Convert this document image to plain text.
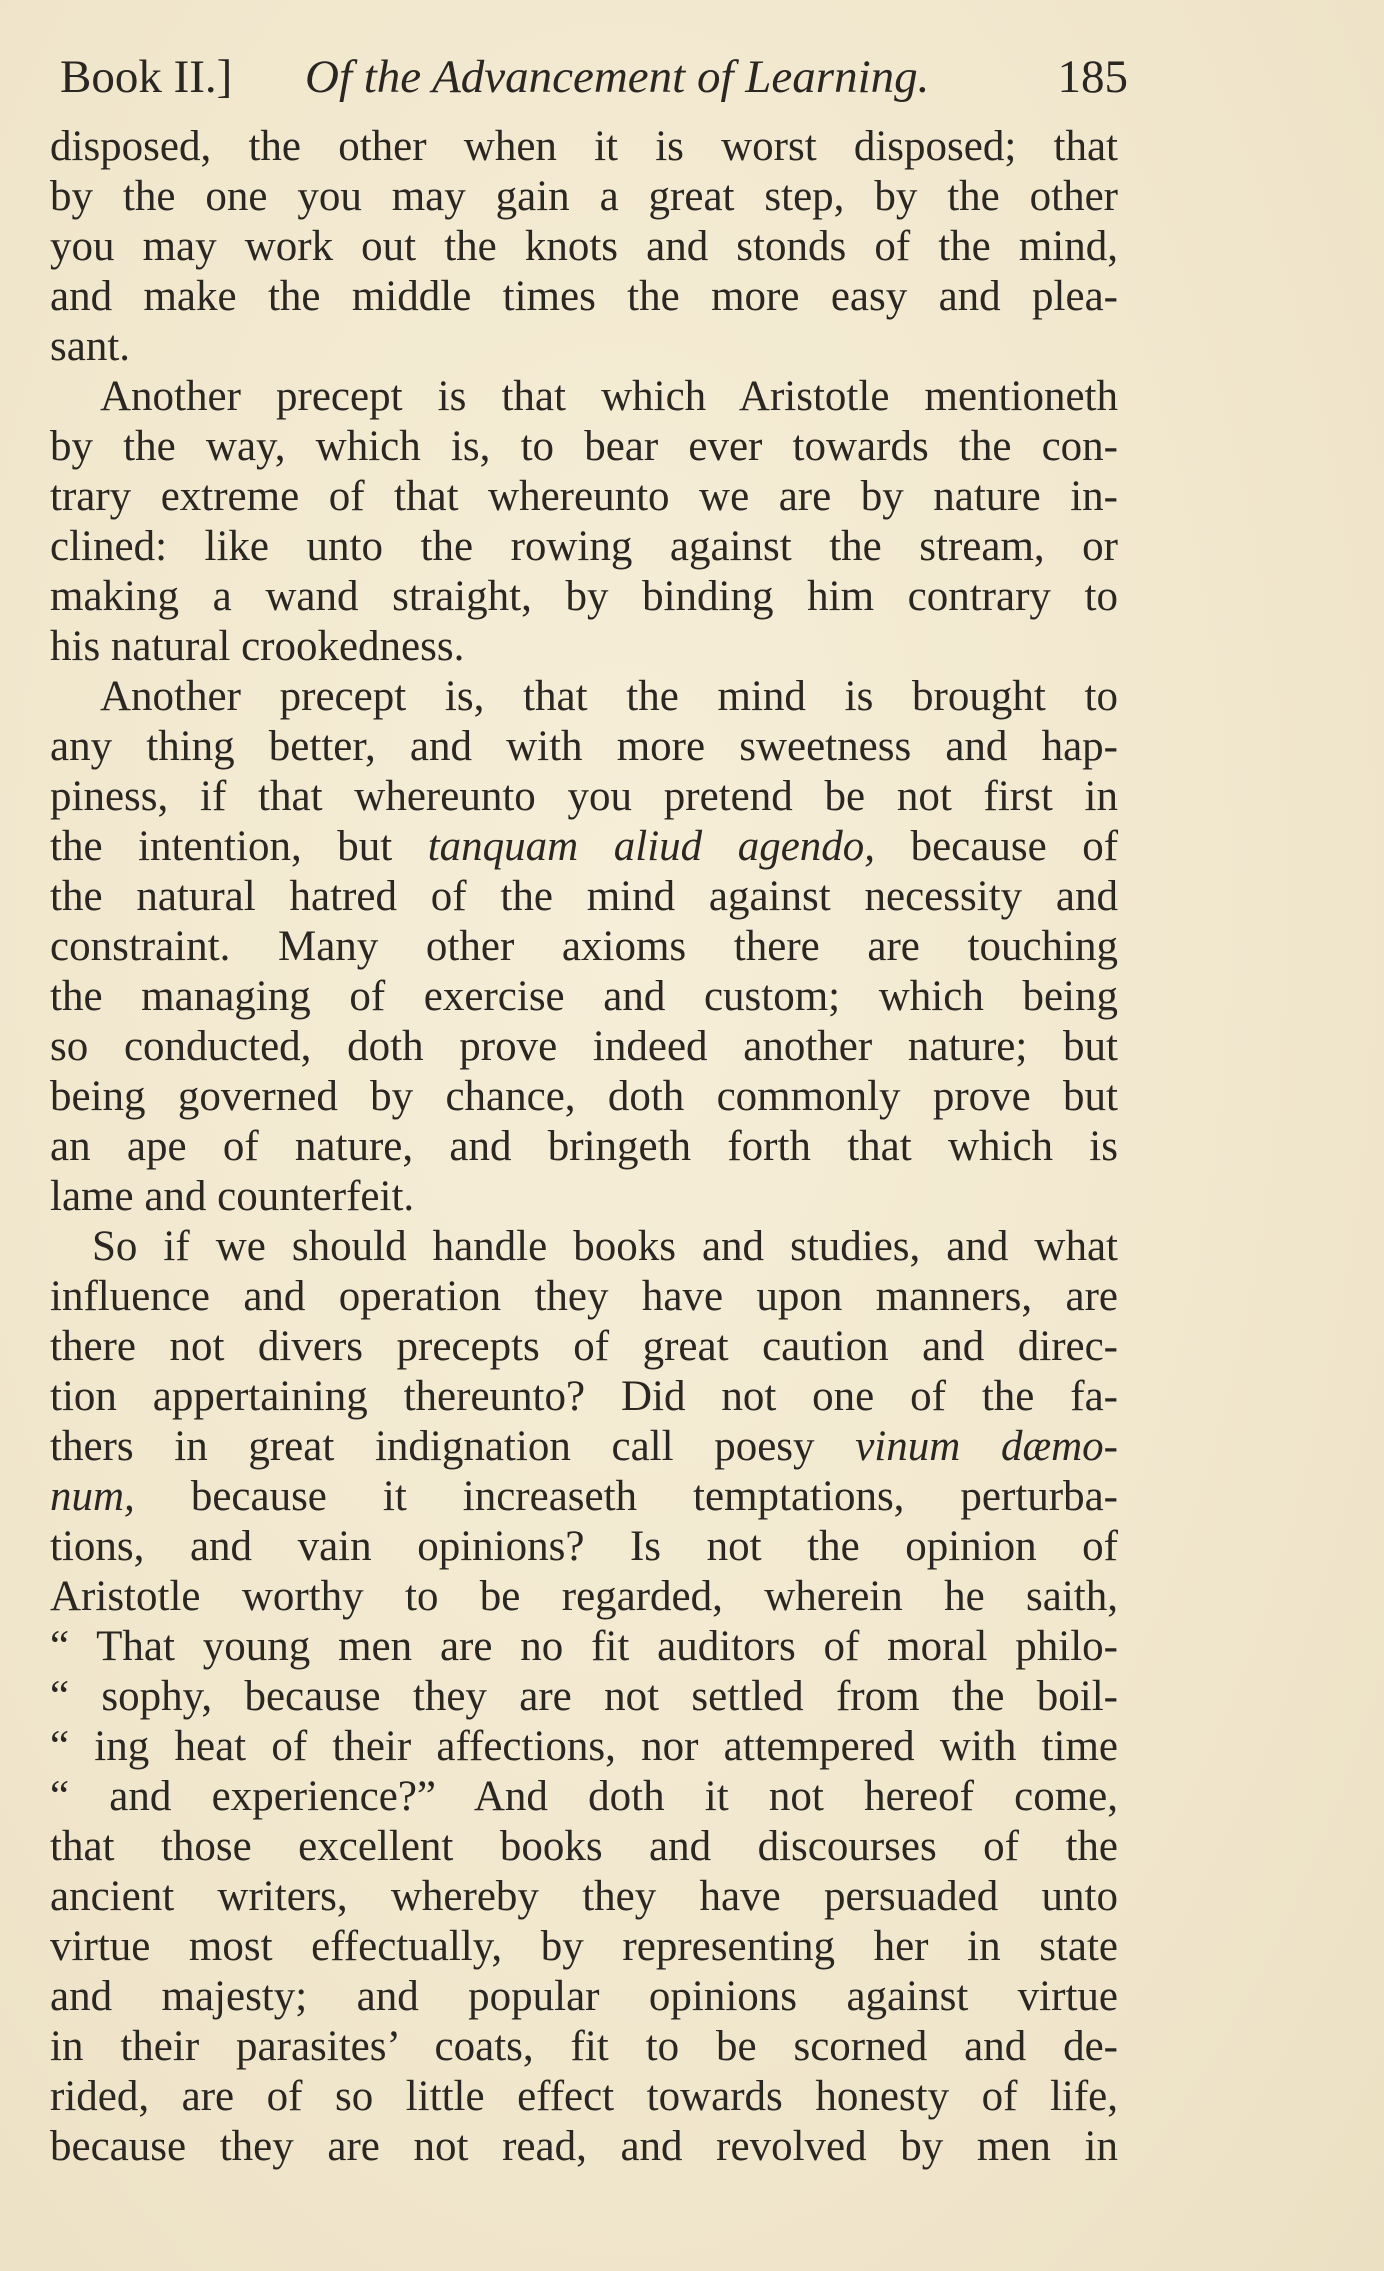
Book II.] Of the Advancement of Learning.	185
disposed, the other when it is worst disposed; that
by the one you may gain a great step, by the other
you may work out the knots and stonds of the mind,
and make the middle times the more easy and plea-
sant.
Another precept is that which Aristotle mentioneth
by the way, which is, to bear ever towards the con-
trary extreme of that whereunto we are by nature in-
clined: like unto the rowing against the stream, or
making a wand straight, by binding him contrary to
his natural crookedness.
Another precept is, that the mind is brought to
any thing better, and with more sweetness and hap-
piness, if that whereunto you pretend be not first in
the intention, but tanquam aliud agendo, because of
the natural hatred of the mind against necessity and
constraint. Many other axioms there are touching
the managing of exercise and custom; which being
so conducted, doth prove indeed another nature; but
being governed by chance, doth commonly prove but
an ape of nature, and bringeth forth that which is
lame and counterfeit.
So if we should handle books and studies, and what
influence and operation they have upon manners, are
there not divers precepts of great caution and direc-
tion appertaining thereunto? Did not one of the fa-
thers in great indignation call poesy vinum dæmo-
num, because it increaseth temptations, perturba-
tions, and vain opinions? Is not the opinion of
Aristotle worthy to be regarded, wherein he saith,
“ That young men are no fit auditors of moral philo-
“ sophy, because they are not settled from the boil-
“ ing heat of their affections, nor attempered with time
“ and experience?” And doth it not hereof come,
that those excellent books and discourses of the
ancient writers, whereby they have persuaded unto
virtue most effectually, by representing her in state
and majesty; and popular opinions against virtue
in their parasites’ coats, fit to be scorned and de-
rided, are of so little effect towards honesty of life,
because they are not read, and revolved by men in
